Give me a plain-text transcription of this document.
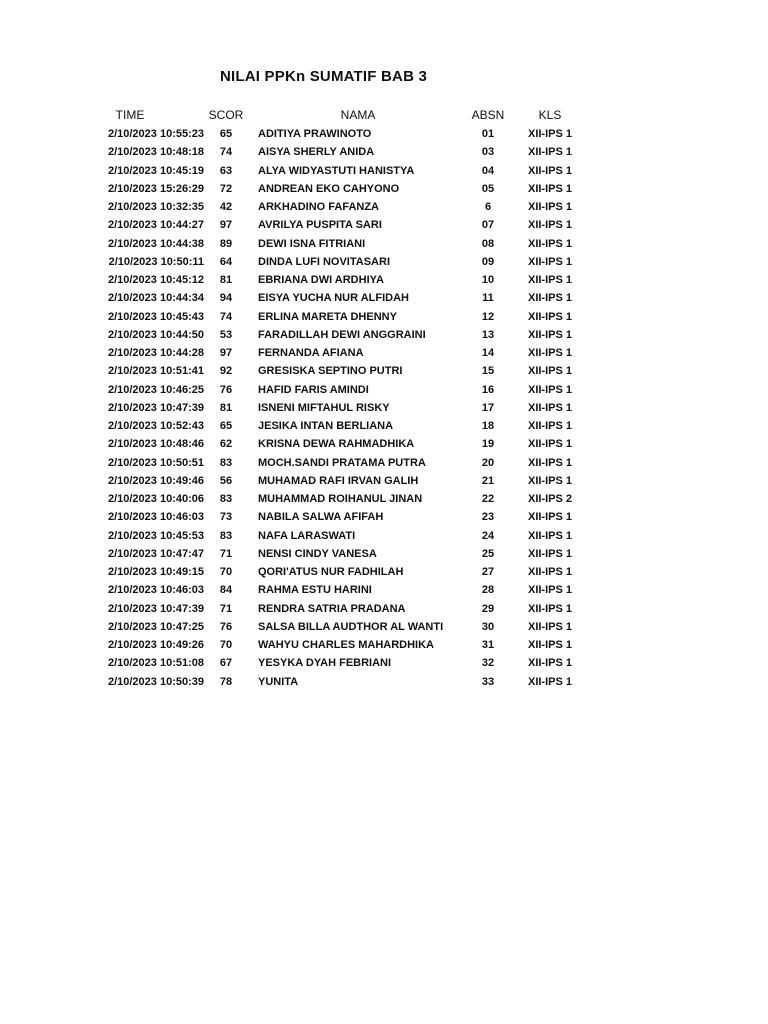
NILAI PPKn SUMATIF BAB 3
TIME	SCOR	NAMA	ABSN	KLS
2/10/2023 10:55:23	65	ADITIYA PRAWINOTO	01	XII-IPS 1
2/10/2023 10:48:18	74	AISYA SHERLY ANIDA	03	XII-IPS 1
2/10/2023 10:45:19	63	ALYA WIDYASTUTI HANISTYA	04	XII-IPS 1
2/10/2023 15:26:29	72	ANDREAN EKO CAHYONO	05	XII-IPS 1
2/10/2023 10:32:35	42	ARKHADINO FAFANZA	6	XII-IPS 1
2/10/2023 10:44:27	97	AVRILYA PUSPITA SARI	07	XII-IPS 1
2/10/2023 10:44:38	89	DEWI ISNA FITRIANI	08	XII-IPS 1
2/10/2023 10:50:11	64	DINDA LUFI NOVITASARI	09	XII-IPS 1
2/10/2023 10:45:12	81	EBRIANA DWI ARDHIYA	10	XII-IPS 1
2/10/2023 10:44:34	94	EISYA YUCHA NUR ALFIDAH	11	XII-IPS 1
2/10/2023 10:45:43	74	ERLINA MARETA DHENNY	12	XII-IPS 1
2/10/2023 10:44:50	53	FARADILLAH DEWI ANGGRAINI	13	XII-IPS 1
2/10/2023 10:44:28	97	FERNANDA AFIANA	14	XII-IPS 1
2/10/2023 10:51:41	92	GRESISKA SEPTINO PUTRI	15	XII-IPS 1
2/10/2023 10:46:25	76	HAFID FARIS AMINDI	16	XII-IPS 1
2/10/2023 10:47:39	81	ISNENI MIFTAHUL RISKY	17	XII-IPS 1
2/10/2023 10:52:43	65	JESIKA INTAN BERLIANA	18	XII-IPS 1
2/10/2023 10:48:46	62	KRISNA DEWA RAHMADHIKA	19	XII-IPS 1
2/10/2023 10:50:51	83	MOCH.SANDI PRATAMA PUTRA	20	XII-IPS 1
2/10/2023 10:49:46	56	MUHAMAD RAFI IRVAN GALIH	21	XII-IPS 1
2/10/2023 10:40:06	83	MUHAMMAD ROIHANUL JINAN	22	XII-IPS 2
2/10/2023 10:46:03	73	NABILA SALWA AFIFAH	23	XII-IPS 1
2/10/2023 10:45:53	83	NAFA LARASWATI	24	XII-IPS 1
2/10/2023 10:47:47	71	NENSI CINDY VANESA	25	XII-IPS 1
2/10/2023 10:49:15	70	QORI'ATUS NUR FADHILAH	27	XII-IPS 1
2/10/2023 10:46:03	84	RAHMA ESTU HARINI	28	XII-IPS 1
2/10/2023 10:47:39	71	RENDRA SATRIA PRADANA	29	XII-IPS 1
2/10/2023 10:47:25	76	SALSA BILLA AUDTHOR AL WANTI	30	XII-IPS 1
2/10/2023 10:49:26	70	WAHYU CHARLES MAHARDHIKA	31	XII-IPS 1
2/10/2023 10:51:08	67	YESYKA DYAH FEBRIANI	32	XII-IPS 1
2/10/2023 10:50:39	78	YUNITA	33	XII-IPS 1
